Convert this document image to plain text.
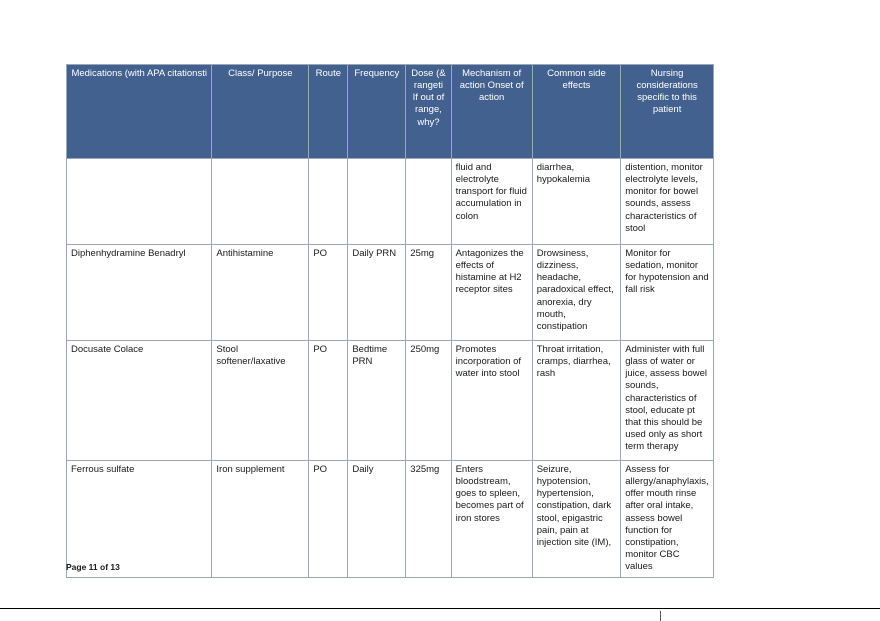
Medications (with APA citationsti	Class/ Purpose	Route	Frequency	Dose (& rangeti If out of range, why?	Mechanism of action Onset of action	Common side effects	Nursing considerations specific to this patient
					fluid and electrolyte transport for fluid accumulation in colon	diarrhea, hypokalemia	distention, monitor electrolyte levels, monitor for bowel sounds, assess characteristics of stool
Diphenhydramine Benadryl	Antihistamine	PO	Daily PRN	25mg	Antagonizes the effects of histamine at H2 receptor sites	Drowsiness, dizziness, headache, paradoxical effect, anorexia, dry mouth, constipation	Monitor for sedation, monitor for hypotension and fall risk
Docusate Colace	Stool softener/laxative	PO	Bedtime PRN	250mg	Promotes incorporation of water into stool	Throat irritation, cramps, diarrhea, rash	Administer with full glass of water or juice, assess bowel sounds, characteristics of stool, educate pt that this should be used only as short term therapy
Ferrous sulfate	Iron supplement	PO	Daily	325mg	Enters bloodstream, goes to spleen, becomes part of iron stores	Seizure, hypotension, hypertension, constipation, dark stool, epigastric pain, pain at injection site (IM),	Assess for allergy/anaphylaxis, offer mouth rinse after oral intake, assess bowel function for constipation, monitor CBC values
Page 11 of 13
